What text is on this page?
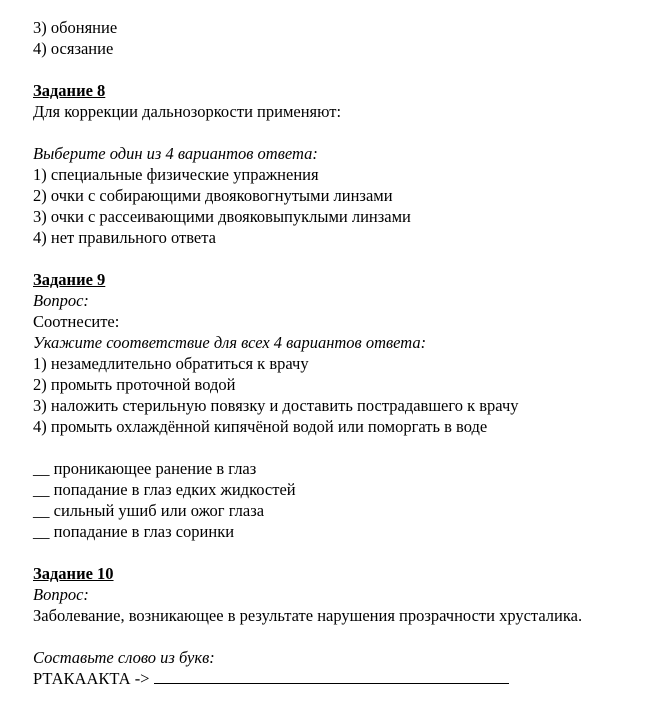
3) обоняние
4) осязание
Задание 8
Для коррекции дальнозоркости применяют:
Выберите один из 4 вариантов ответа:
1) специальные физические упражнения
2) очки с собирающими двояковогнутыми линзами
3) очки с рассеивающими двояковыпуклыми линзами
4) нет правильного ответа
Задание 9
Вопрос:
Соотнесите:
Укажите соответствие для всех 4 вариантов ответа:
1) незамедлительно обратиться к врачу
2) промыть проточной водой
3) наложить стерильную повязку и доставить пострадавшего к врачу
4) промыть охлаждённой кипячёной водой или поморгать в воде
__ проникающее ранение в глаз
__ попадание в глаз едких жидкостей
__ сильный ушиб или ожог глаза
__ попадание в глаз соринки
Задание 10
Вопрос:
Заболевание, возникающее в результате нарушения прозрачности хрусталика.
Составьте слово из букв:
РТАКААКТА ->
